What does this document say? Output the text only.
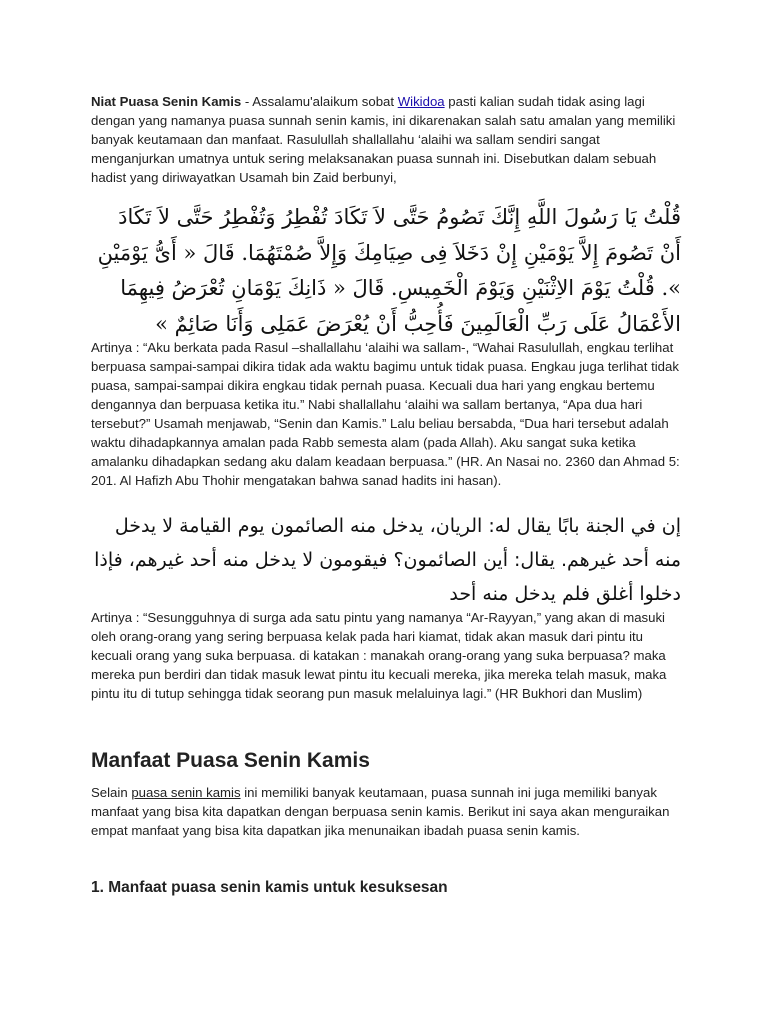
Niat Puasa Senin Kamis - Assalamu'alaikum sobat Wikidoa pasti kalian sudah tidak asing lagi dengan yang namanya puasa sunnah senin kamis, ini dikarenakan salah satu amalan yang memiliki banyak keutamaan dan manfaat. Rasulullah shallallahu ‘alaihi wa sallam sendiri sangat menganjurkan umatnya untuk sering melaksanakan puasa sunnah ini. Disebutkan dalam sebuah hadist yang diriwayatkan Usamah bin Zaid berbunyi,

قُلْتُ يَا رَسُولَ اللَّهِ إِنَّكَ تَصُومُ حَتَّى لاَ تَكَادَ تُفْطِرُ وَتُفْطِرُ حَتَّى لاَ تَكَادَ أَنْ تَصُومَ إِلاَّ يَوْمَيْنِ إِنْ دَخَلاَ فِى صِيَامِكَ وَإِلاَّ صُمْتَهُمَا. قَالَ « أَىُّ يَوْمَيْنِ ». قُلْتُ يَوْمَ الاِثْنَيْنِ وَيَوْمَ الْخَمِيسِ. قَالَ « ذَانِكَ يَوْمَانِ تُعْرَضُ فِيهِمَا الأَعْمَالُ عَلَى رَبِّ الْعَالَمِينَ فَأُحِبُّ أَنْ يُعْرَضَ عَمَلِى وَأَنَا صَائِمٌ »

Artinya : “Aku berkata pada Rasul –shallallahu ‘alaihi wa sallam-, “Wahai Rasulullah, engkau terlihat berpuasa sampai-sampai dikira tidak ada waktu bagimu untuk tidak puasa. Engkau juga terlihat tidak puasa, sampai-sampai dikira engkau tidak pernah puasa. Kecuali dua hari yang engkau bertemu dengannya dan berpuasa ketika itu.” Nabi shallallahu ‘alaihi wa sallam bertanya, “Apa dua hari tersebut?” Usamah menjawab, “Senin dan Kamis.” Lalu beliau bersabda, “Dua hari tersebut adalah waktu dihadapkannya amalan pada Rabb semesta alam (pada Allah). Aku sangat suka ketika amalanku dihadapkan sedang aku dalam keadaan berpuasa.” (HR. An Nasai no. 2360 dan Ahmad 5: 201. Al Hafizh Abu Thohir mengatakan bahwa sanad hadits ini hasan).

إن في الجنة بابًا يقال له: الريان، يدخل منه الصائمون يوم القيامة لا يدخل منه أحد غيرهم. يقال: أين الصائمون؟ فيقومون لا يدخل منه أحد غيرهم، فإذا دخلوا أغلق فلم يدخل منه أحد

Artinya : “Sesungguhnya di surga ada satu pintu yang namanya “Ar-Rayyan,” yang akan di masuki oleh orang-orang yang sering berpuasa kelak pada hari kiamat, tidak akan masuk dari pintu itu kecuali orang yang suka berpuasa. di katakan : manakah orang-orang yang suka berpuasa? maka mereka pun berdiri dan tidak masuk lewat pintu itu kecuali mereka, jika mereka telah masuk, maka pintu itu di tutup sehingga tidak seorang pun masuk melaluinya lagi.” (HR Bukhori dan Muslim)

Manfaat Puasa Senin Kamis

Selain puasa senin kamis ini memiliki banyak keutamaan, puasa sunnah ini juga memiliki banyak manfaat yang bisa kita dapatkan dengan berpuasa senin kamis. Berikut ini saya akan menguraikan empat manfaat yang bisa kita dapatkan jika menunaikan ibadah puasa senin kamis.

1. Manfaat puasa senin kamis untuk kesuksesan
